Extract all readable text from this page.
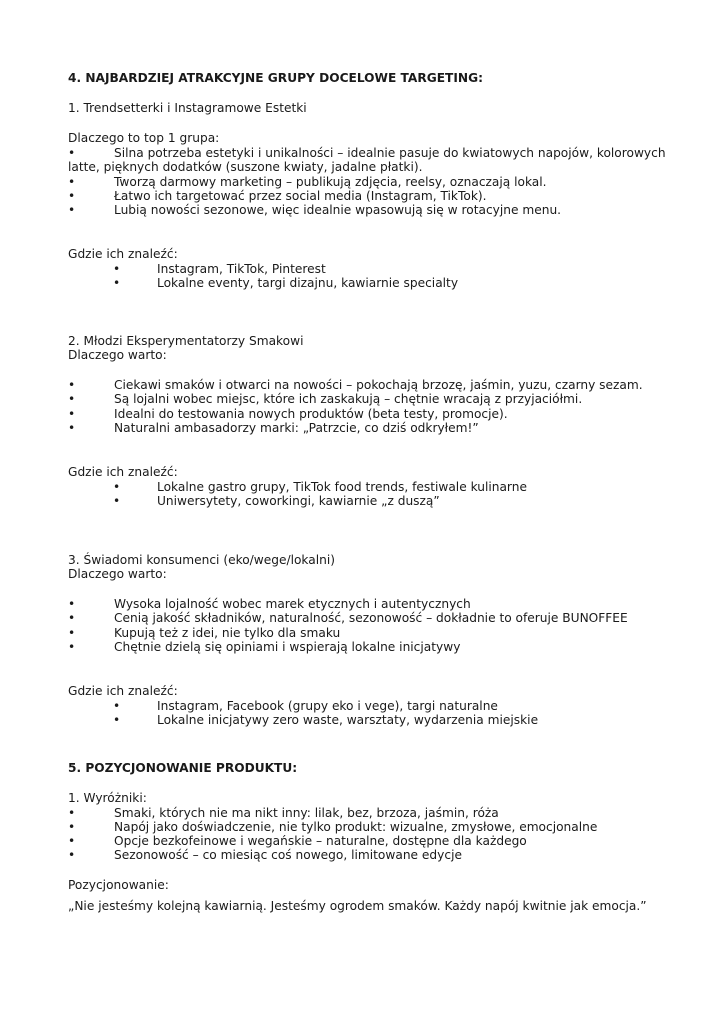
4. NAJBARDZIEJ ATRAKCYJNE GRUPY DOCELOWE TARGETING:
1. Trendsetterki i Instagramowe Estetki
Dlaczego to top 1 grupa:
•	Silna potrzeba estetyki i unikalności – idealnie pasuje do kwiatowych napojów, kolorowych
latte, pięknych dodatków (suszone kwiaty, jadalne płatki).
•	Tworzą darmowy marketing – publikują zdjęcia, reelsy, oznaczają lokal.
•	Łatwo ich targetować przez social media (Instagram, TikTok).
•	Lubią nowości sezonowe, więc idealnie wpasowują się w rotacyjne menu.
Gdzie ich znaleźć:
•	Instagram, TikTok, Pinterest
•	Lokalne eventy, targi dizajnu, kawiarnie specialty
2. Młodzi Eksperymentatorzy Smakowi
Dlaczego warto:
•	Ciekawi smaków i otwarci na nowości – pokochają brzozę, jaśmin, yuzu, czarny sezam.
•	Są lojalni wobec miejsc, które ich zaskakują – chętnie wracają z przyjaciółmi.
•	Idealni do testowania nowych produktów (beta testy, promocje).
•	Naturalni ambasadorzy marki: „Patrzcie, co dziś odkryłem!”
Gdzie ich znaleźć:
•	Lokalne gastro grupy, TikTok food trends, festiwale kulinarne
•	Uniwersytety, coworkingi, kawiarnie „z duszą”
3. Świadomi konsumenci (eko/wege/lokalni)
Dlaczego warto:
•	Wysoka lojalność wobec marek etycznych i autentycznych
•	Cenią jakość składników, naturalność, sezonowość – dokładnie to oferuje BUNOFFEE
•	Kupują też z idei, nie tylko dla smaku
•	Chętnie dzielą się opiniami i wspierają lokalne inicjatywy
Gdzie ich znaleźć:
•	Instagram, Facebook (grupy eko i vege), targi naturalne
•	Lokalne inicjatywy zero waste, warsztaty, wydarzenia miejskie
5. POZYCJONOWANIE PRODUKTU:
1. Wyróżniki:
•	Smaki, których nie ma nikt inny: lilak, bez, brzoza, jaśmin, róża
•	Napój jako doświadczenie, nie tylko produkt: wizualne, zmysłowe, emocjonalne
•	Opcje bezkofeinowe i wegańskie – naturalne, dostępne dla każdego
•	Sezonowość – co miesiąc coś nowego, limitowane edycje
Pozycjonowanie:
„Nie jesteśmy kolejną kawiarnią. Jesteśmy ogrodem smaków. Każdy napój kwitnie jak emocja.”
